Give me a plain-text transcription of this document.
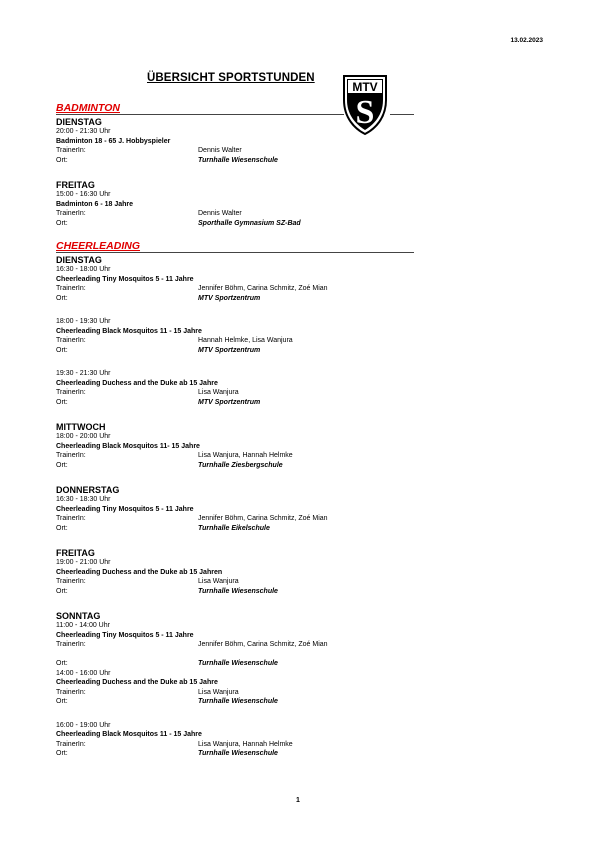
13.02.2023
ÜBERSICHT SPORTSTUNDEN
MTV
S
BADMINTON
DIENSTAG
20:00 - 21:30 Uhr
Badminton 18 - 65 J. Hobbyspieler
TrainerIn:	Dennis Walter
Ort:	Turnhalle Wiesenschule
FREITAG
15:00 - 16:30 Uhr
Badminton 6 - 18 Jahre
TrainerIn:	Dennis Walter
Ort:	Sporthalle Gymnasium SZ-Bad
CHEERLEADING
DIENSTAG
16:30 - 18:00 Uhr
Cheerleading Tiny Mosquitos 5 - 11 Jahre
TrainerIn:	Jennifer Böhm, Carina Schmitz, Zoé Mian
Ort:	MTV Sportzentrum
18:00 - 19:30 Uhr
Cheerleading Black Mosquitos 11 - 15 Jahre
TrainerIn:	Hannah Helmke, Lisa Wanjura
Ort:	MTV Sportzentrum
19:30 - 21:30 Uhr
Cheerleading Duchess and the Duke ab 15 Jahre
TrainerIn:	Lisa Wanjura
Ort:	MTV Sportzentrum
MITTWOCH
18:00 - 20:00 Uhr
Cheerleading Black Mosquitos 11- 15 Jahre
TrainerIn:	Lisa Wanjura, Hannah Helmke
Ort:	Turnhalle Ziesbergschule
DONNERSTAG
16:30 - 18:30 Uhr
Cheerleading Tiny Mosquitos 5 - 11 Jahre
TrainerIn:	Jennifer Böhm, Carina Schmitz, Zoé Mian
Ort:	Turnhalle Eikelschule
FREITAG
19:00 - 21:00 Uhr
Cheerleading Duchess and the Duke ab 15 Jahren
TrainerIn:	Lisa Wanjura
Ort:	Turnhalle Wiesenschule
SONNTAG
11:00 - 14:00 Uhr
Cheerleading Tiny Mosquitos 5 - 11 Jahre
TrainerIn:	Jennifer Böhm, Carina Schmitz, Zoé Mian
Ort:	Turnhalle Wiesenschule
14:00 - 16:00 Uhr
Cheerleading Duchess and the Duke ab 15 Jahre
TrainerIn:	Lisa Wanjura
Ort:	Turnhalle Wiesenschule
16:00 - 19:00 Uhr
Cheerleading Black Mosquitos 11 - 15 Jahre
TrainerIn:	Lisa Wanjura, Hannah Helmke
Ort:	Turnhalle Wiesenschule
1
